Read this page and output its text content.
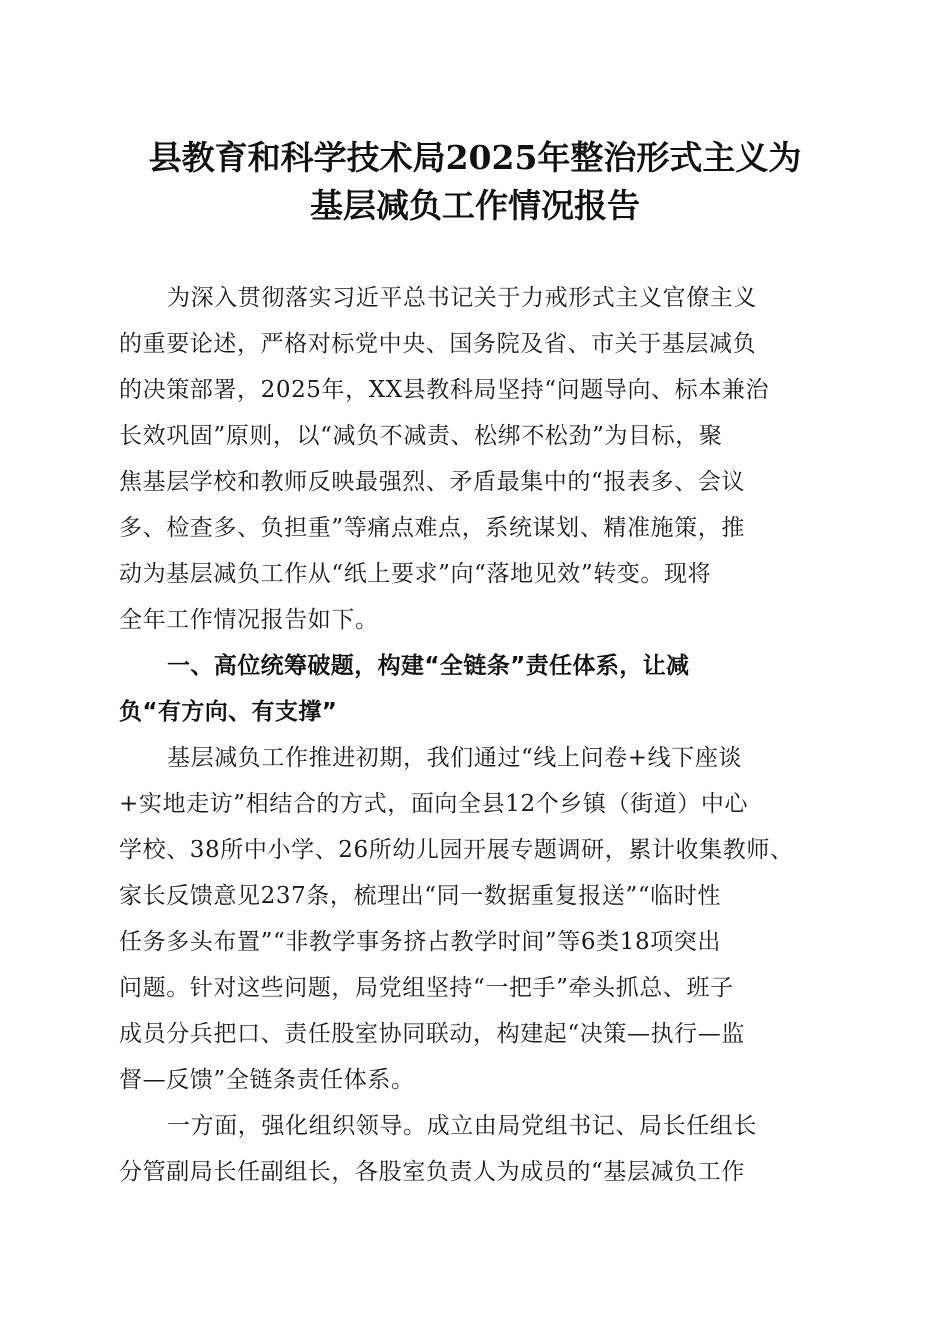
县教育和科学技术局2025年整治形式主义为
基层减负工作情况报告
为深入贯彻落实习近平总书记关于力戒形式主义官僚主义
的重要论述，严格对标党中央、国务院及省、市关于基层减负
的决策部署，2025年，XX县教科局坚持“问题导向、标本兼治
长效巩固”原则，以“减负不减责、松绑不松劲”为目标，聚
焦基层学校和教师反映最强烈、矛盾最集中的“报表多、会议
多、检查多、负担重”等痛点难点，系统谋划、精准施策，推
动为基层减负工作从“纸上要求”向“落地见效”转变。现将
全年工作情况报告如下。
一、高位统筹破题，构建“全链条”责任体系，让减
负“有方向、有支撑”
基层减负工作推进初期，我们通过“线上问卷+线下座谈
+实地走访”相结合的方式，面向全县12个乡镇（街道）中心
学校、38所中小学、26所幼儿园开展专题调研，累计收集教师、
家长反馈意见237条，梳理出“同一数据重复报送”“临时性
任务多头布置”“非教学事务挤占教学时间”等6类18项突出
问题。针对这些问题，局党组坚持“一把手”牵头抓总、班子
成员分兵把口、责任股室协同联动，构建起“决策—执行—监
督—反馈”全链条责任体系。
一方面，强化组织领导。成立由局党组书记、局长任组长
分管副局长任副组长，各股室负责人为成员的“基层减负工作
